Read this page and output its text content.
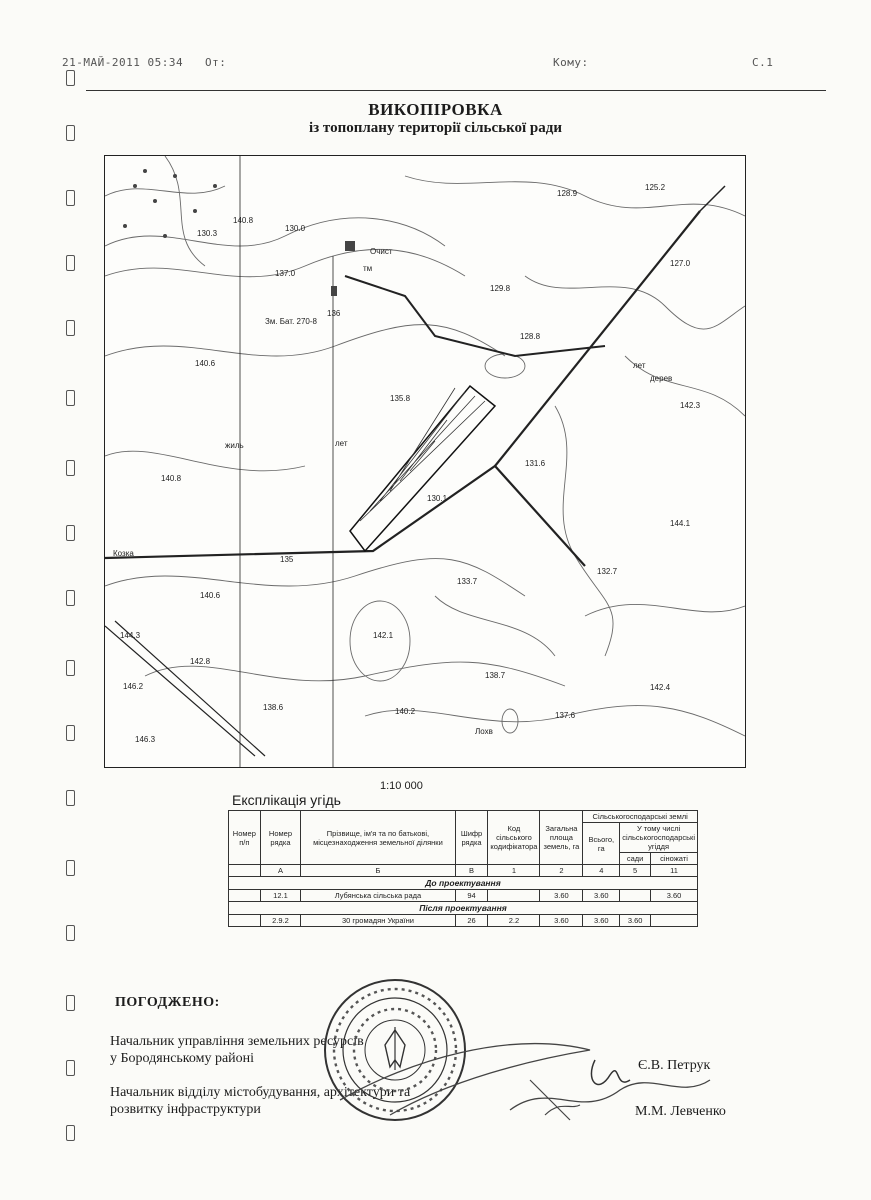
21-МАЙ-2011 05:34 От:	Кому:	С.1
ВИКОПІРОВКА
із топоплану території сільської ради
128.9
125.2
130.3
140.8
130.0
Очист
тм
129.8
127.0
137.0
136
Зм. Бат. 270-8
128.8
140.6
135.8
142.3
лет
140.8
131.6
130.1
144.1
135
132.7
Козка
133.7
140.6
142.1
144.3
142.8
138.7
146.2
138.6	140.2	137.6
142.4
146.3
Лохв
лет
жиль
дерев
1:10 000
Експлікація угідь
Номер п/п	Номер рядка	Прізвище, ім'я та по батькові, місцезнаходження земельної ділянки	Шифр рядка	Код сільського кодифікатора	Загальна площа земель, га	Сільськогосподарські землі		
						Всього, га	У тому числі сільськогосподарські угіддя	
							сади	сіножаті
	А	Б	В	1	2	4	5	11
До проектування								
	12.1	Лубянська сільська рада	94		3.60	3.60		3.60
Після проектування								
	2.9.2	30 громадян України	26	2.2	3.60	3.60	3.60	
ПОГОДЖЕНО:
Начальник управління земельних ресурсів
у Бородянському районі
Начальник відділу містобудування, архітектури та
розвитку інфраструктури
Є.В. Петрук
М.М. Левченко
